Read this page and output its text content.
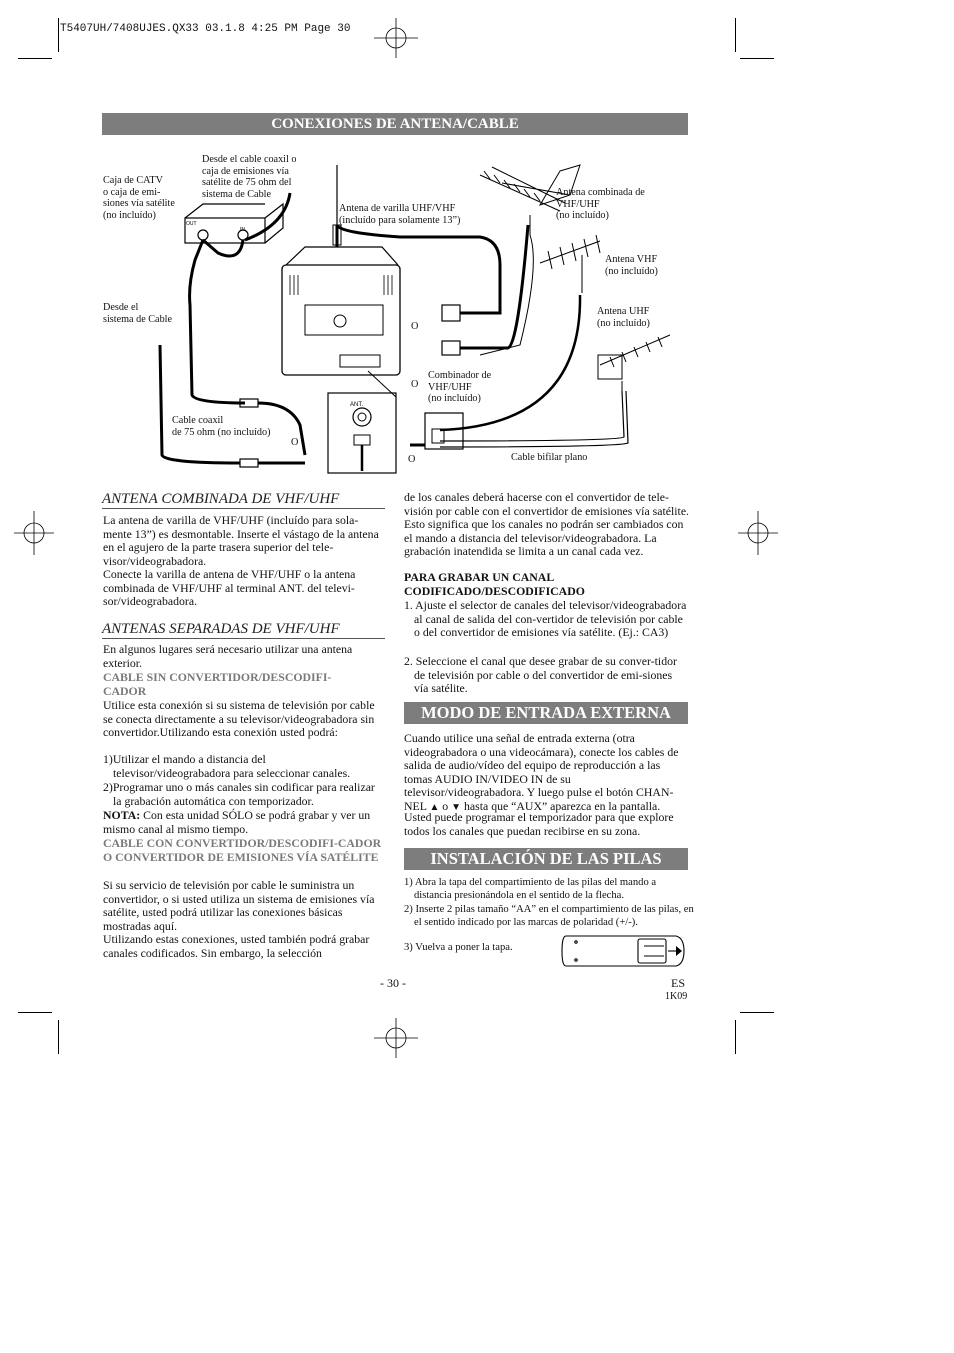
T5407UH/7408UJES.QX33 03.1.8 4:25 PM Page 30
CONEXIONES DE ANTENA/CABLE
OUT
IN
ANT.
Caja de CATV
o caja de emi-
siones vía satélite
(no incluído)
Desde el cable coaxil o
caja de emisiones vía
satélite de 75 ohm del
sistema de Cable
Antena de varilla UHF/VHF
(incluído para solamente 13”)
Antena combinada de
VHF/UHF
(no incluído)
Antena VHF
(no incluído)
Antena UHF
(no incluído)
Desde el
sistema de Cable
Combinador de
VHF/UHF
(no incluído)
Cable coaxil
de 75 ohm (no incluído)
Cable bifilar plano
O
O
O
O
ANTENA COMBINADA DE VHF/UHF

La antena de varilla de VHF/UHF (incluído para sola-mente 13”) es desmontable. Inserte el vástago de la antena en el agujero de la parte trasera superior del tele-visor/videograbadora.

Conecte la varilla de antena de VHF/UHF o la antena combinada de VHF/UHF al terminal ANT. del televi-sor/videograbadora.

ANTENAS SEPARADAS DE VHF/UHF

En algunos lugares será necesario utilizar una antena exterior.

CABLE SIN CONVERTIDOR/DESCODIFI-CADOR

Utilice esta conexión si su sistema de televisión por cable se conecta directamente a su televisor/videograbadora sin convertidor.Utilizando esta conexión usted podrá:

1)Utilizar el mando a distancia del televisor/videograbadora para seleccionar canales.

2)Programar uno o más canales sin codificar para realizar la grabación automática con temporizador.

NOTA: Con esta unidad SÓLO se podrá grabar y ver un mismo canal al mismo tiempo.

CABLE CON CONVERTIDOR/DESCODIFI-CADOR O CONVERTIDOR DE EMISIONES VÍA SATÉLITE

Si su servicio de televisión por cable le suministra un convertidor, o si usted utiliza un sistema de emisiones vía satélite, usted podrá utilizar las conexiones básicas mostradas aquí.

Utilizando estas conexiones, usted también podrá grabar canales codificados. Sin embargo, la selección

de los canales deberá hacerse con el convertidor de tele-visión por cable con el convertidor de emisiones vía satélite. Esto significa que los canales no podrán ser cambiados con el mando a distancia del televisor/videograbadora. La grabación inatendida se limita a un canal cada vez.

PARA GRABAR UN CANAL CODIFICADO/DESCODIFICADO

1. Ajuste el selector de canales del televisor/videograbadora al canal de salida del con-vertidor de televisión por cable o del convertidor de emisiones vía satélite. (Ej.: CA3)

2. Seleccione el canal que desee grabar de su conver-tidor de televisión por cable o del convertidor de emi-siones vía satélite.

MODO DE ENTRADA EXTERNA

Cuando utilice una señal de entrada externa (otra videograbadora o una videocámara), conecte los cables de salida de audio/vídeo del equipo de reproducción a las tomas AUDIO IN/VIDEO IN de su televisor/videograbadora. Y luego pulse el botón CHAN-NEL ▲ o ▼ hasta que “AUX” aparezca en la pantalla.

Usted puede programar el temporizador para que explore todos los canales que puedan recibirse en su zona.

INSTALACIÓN DE LAS PILAS

1) Abra la tapa del compartimiento de las pilas del mando a distancia presionándola en el sentido de la flecha.

2) Inserte 2 pilas tamaño “AA” en el compartimiento de las pilas, en el sentido indicado por las marcas de polaridad (+/-).

3) Vuelva a poner la tapa.

- 30 -	ES
1K09
